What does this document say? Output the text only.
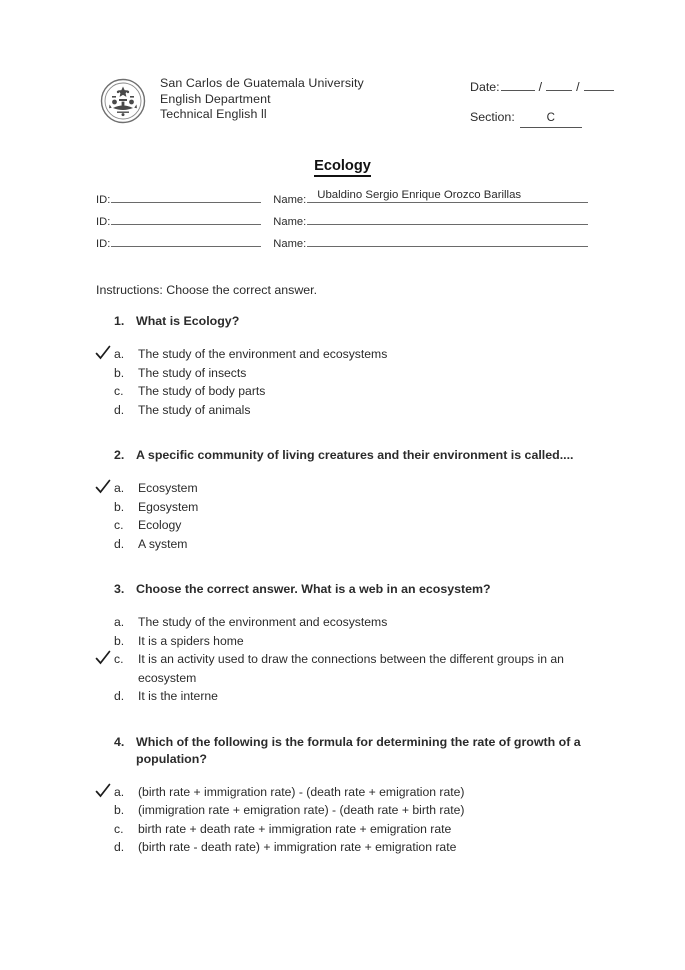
San Carlos de Guatemala University
English Department
Technical English ll
Date:	/	/
Section:	C
Ecology
ID:	Name: Ubaldino Sergio Enrique Orozco Barillas
ID:	Name:
ID:	Name:
Instructions: Choose the correct answer.
1. What is Ecology?
a.	The study of the environment and ecosystems
b.	The study of insects
c.	The study of body parts
d.	The study of animals
2. A specific community of living creatures and their environment is called....
a.	Ecosystem
b.	Egosystem
c.	Ecology
d.	A system
3. Choose the correct answer. What is a web in an ecosystem?
a.	The study of the environment and ecosystems
b.	It is a spiders home
c.	It is an activity used to draw the connections between the different groups in an ecosystem
d.	It is the interne
4. Which of the following is the formula for determining the rate of growth of a population?
a.	(birth rate + immigration rate) - (death rate + emigration rate)
b.	(immigration rate + emigration rate) - (death rate + birth rate)
c.	birth rate + death rate + immigration rate + emigration rate
d.	(birth rate - death rate) + immigration rate + emigration rate
